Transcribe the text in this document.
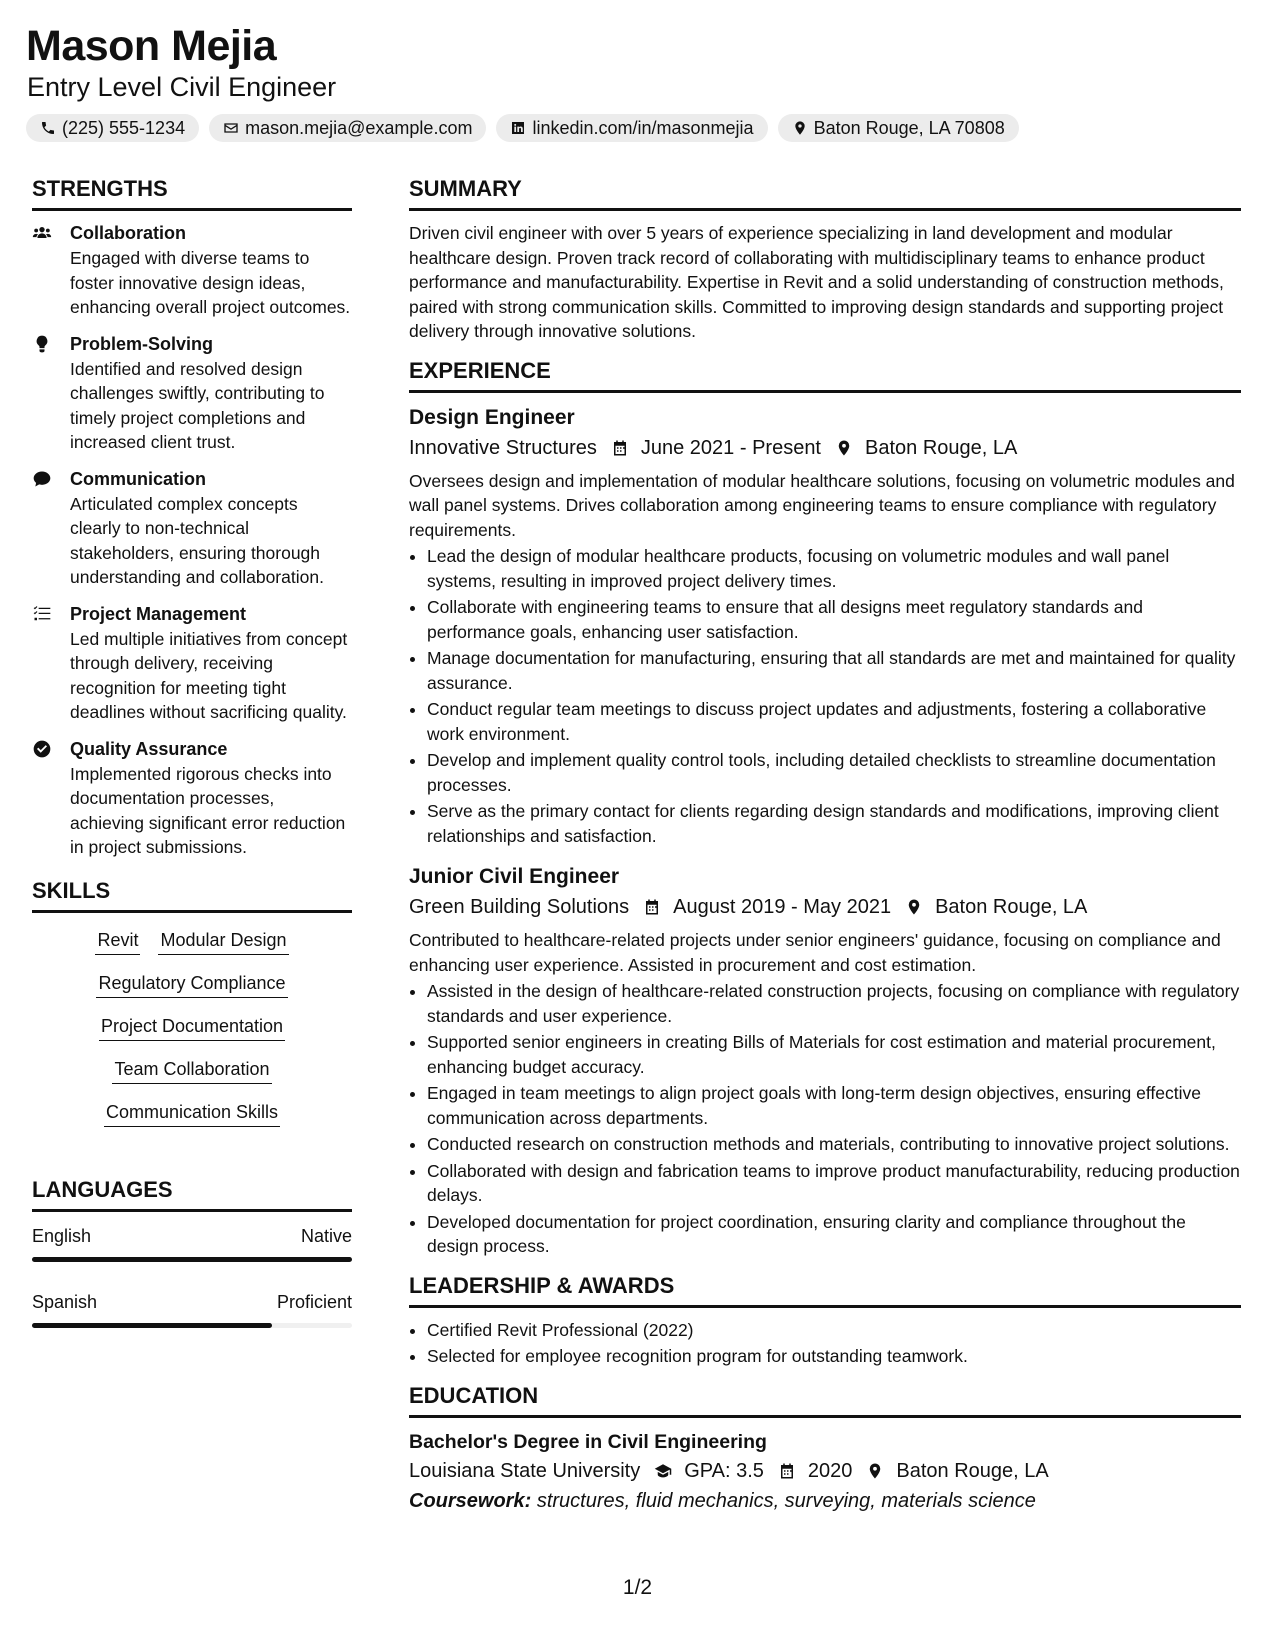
Mason Mejia
Entry Level Civil Engineer
(225) 555-1234	mason.mejia@example.com	linkedin.com/in/masonmejia	Baton Rouge, LA 70808
STRENGTHS
Collaboration
Engaged with diverse teams to foster innovative design ideas, enhancing overall project outcomes.
Problem-Solving
Identified and resolved design challenges swiftly, contributing to timely project completions and increased client trust.
Communication
Articulated complex concepts clearly to non-technical stakeholders, ensuring thorough understanding and collaboration.
Project Management
Led multiple initiatives from concept through delivery, receiving recognition for meeting tight deadlines without sacrificing quality.
Quality Assurance
Implemented rigorous checks into documentation processes, achieving significant error reduction in project submissions.
SKILLS
Revit Modular Design
Regulatory Compliance
Project Documentation
Team Collaboration
Communication Skills
LANGUAGES
English	Native
Spanish	Proficient
SUMMARY
Driven civil engineer with over 5 years of experience specializing in land development and modular healthcare design. Proven track record of collaborating with multidisciplinary teams to enhance product performance and manufacturability. Expertise in Revit and a solid understanding of construction methods, paired with strong communication skills. Committed to improving design standards and supporting project delivery through innovative solutions.
EXPERIENCE
Design Engineer
Innovative Structures June 2021 - Present Baton Rouge, LA
Oversees design and implementation of modular healthcare solutions, focusing on volumetric modules and wall panel systems. Drives collaboration among engineering teams to ensure compliance with regulatory requirements.
• Lead the design of modular healthcare products, focusing on volumetric modules and wall panel systems, resulting in improved project delivery times.
• Collaborate with engineering teams to ensure that all designs meet regulatory standards and performance goals, enhancing user satisfaction.
• Manage documentation for manufacturing, ensuring that all standards are met and maintained for quality assurance.
• Conduct regular team meetings to discuss project updates and adjustments, fostering a collaborative work environment.
• Develop and implement quality control tools, including detailed checklists to streamline documentation processes.
• Serve as the primary contact for clients regarding design standards and modifications, improving client relationships and satisfaction.
Junior Civil Engineer
Green Building Solutions August 2019 - May 2021 Baton Rouge, LA
Contributed to healthcare-related projects under senior engineers' guidance, focusing on compliance and enhancing user experience. Assisted in procurement and cost estimation.
• Assisted in the design of healthcare-related construction projects, focusing on compliance with regulatory standards and user experience.
• Supported senior engineers in creating Bills of Materials for cost estimation and material procurement, enhancing budget accuracy.
• Engaged in team meetings to align project goals with long-term design objectives, ensuring effective communication across departments.
• Conducted research on construction methods and materials, contributing to innovative project solutions.
• Collaborated with design and fabrication teams to improve product manufacturability, reducing production delays.
• Developed documentation for project coordination, ensuring clarity and compliance throughout the design process.
LEADERSHIP & AWARDS
• Certified Revit Professional (2022)
• Selected for employee recognition program for outstanding teamwork.
EDUCATION
Bachelor's Degree in Civil Engineering
Louisiana State University GPA: 3.5 2020 Baton Rouge, LA
Coursework: structures, fluid mechanics, surveying, materials science
1/2
